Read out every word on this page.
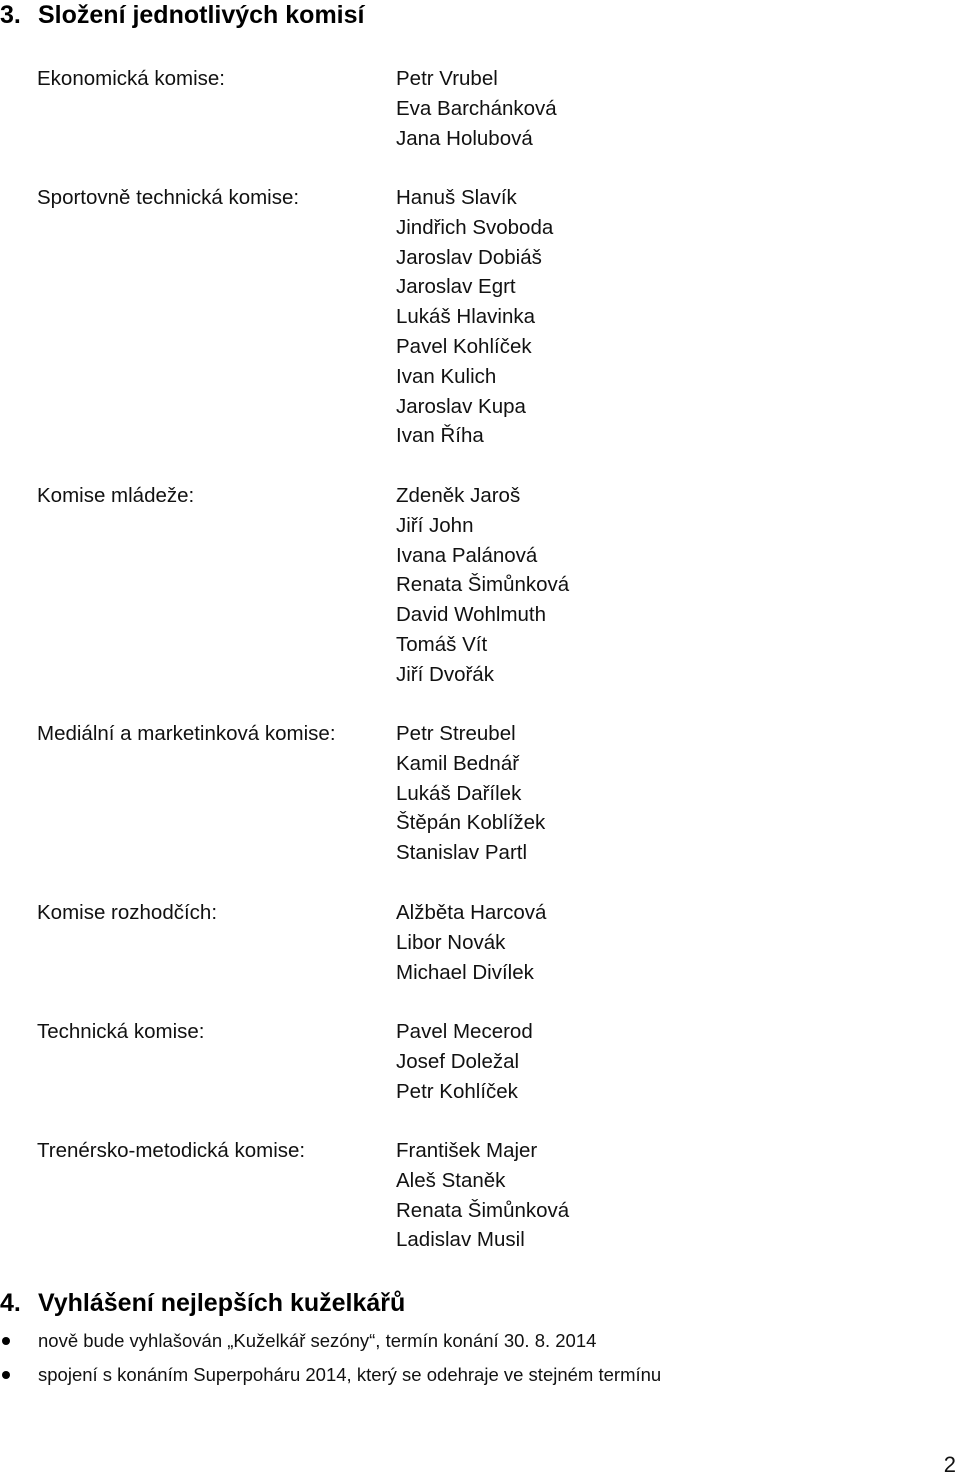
3. Složení jednotlivých komisí
Ekonomická komise:	Petr Vrubel
Eva Barchánková
Jana Holubová
Sportovně technická komise:	Hanuš Slavík
Jindřich Svoboda
Jaroslav Dobiáš
Jaroslav Egrt
Lukáš Hlavinka
Pavel Kohlíček
Ivan Kulich
Jaroslav Kupa
Ivan Říha
Komise mládeže:	Zdeněk Jaroš
Jiří John
Ivana Palánová
Renata Šimůnková
David Wohlmuth
Tomáš Vít
Jiří Dvořák
Mediální a marketinková komise:	Petr Streubel
Kamil Bednář
Lukáš Dařílek
Štěpán Koblížek
Stanislav Partl
Komise rozhodčích:	Alžběta Harcová
Libor Novák
Michael Divílek
Technická komise:	Pavel Mecerod
Josef Doležal
Petr Kohlíček
Trenérsko-metodická komise:	František Majer
Aleš Staněk
Renata Šimůnková
Ladislav Musil
4. Vyhlášení nejlepších kuželkářů
nově bude vyhlašován „Kuželkář sezóny“, termín konání 30. 8. 2014
spojení s konáním Superpoháru 2014, který se odehraje ve stejném termínu
2
